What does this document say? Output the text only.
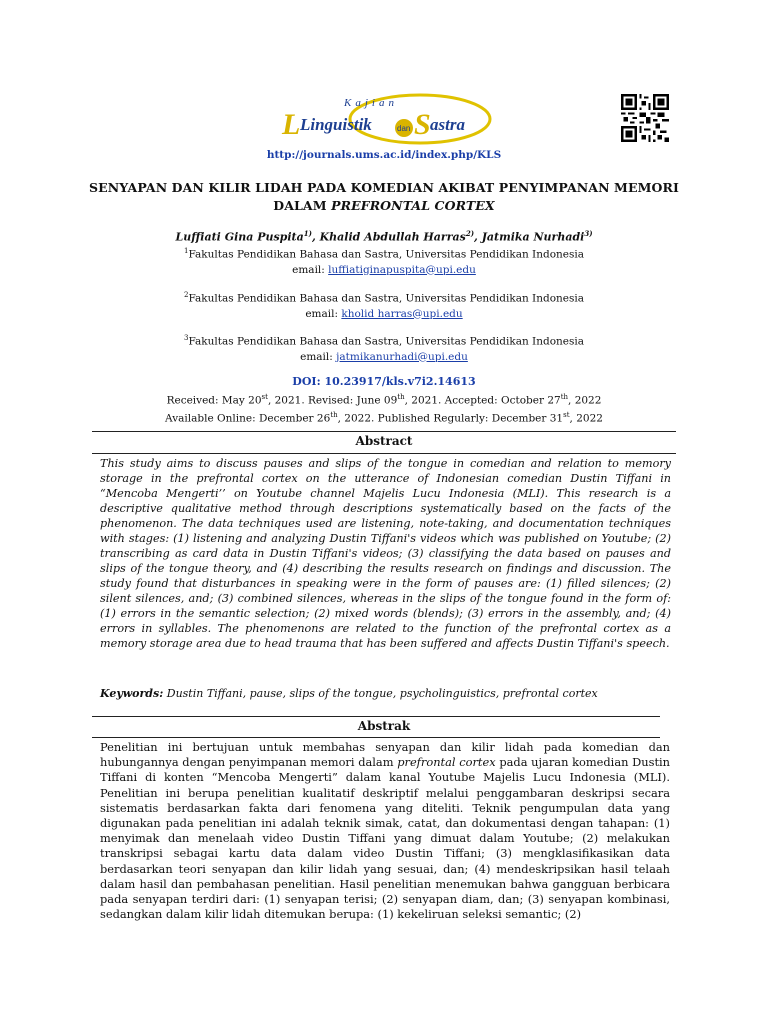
Kajian
L Linguistik	dan S astra
http://journals.ums.ac.id/index.php/KLS
SENYAPAN DAN KILIR LIDAH PADA KOMEDIAN AKIBAT PENYIMPANAN MEMORI
DALAM PREFRONTAL CORTEX
Luffiati Gina Puspita$^{1)}$, Khalid Abdullah Harras$^{2)}$, Jatmika Nurhadi$^{3)}$
$^1$Fakultas Pendidikan Bahasa dan Sastra, Universitas Pendidikan Indonesia
email: luffiatiginapuspita@upi.edu
$^2$Fakultas Pendidikan Bahasa dan Sastra, Universitas Pendidikan Indonesia
email: kholid harras@upi.edu
$^3$Fakultas Pendidikan Bahasa dan Sastra, Universitas Pendidikan Indonesia
email: jatmikanurhadi@upi.edu
DOI: 10.23917/kls.v7i2.14613
Received: May 20st, 2021. Revised: June 09th, 2021. Accepted: October 27th, 2022
Available Online: December 26th, 2022. Published Regularly: December 31st, 2022
Abstract
This study aims to discuss pauses and slips of the tongue in comedian and relation to memory storage in the prefrontal cortex on the utterance of Indonesian comedian Dustin Tiffani in “Mencoba Mengerti’’ on Youtube channel Majelis Lucu Indonesia (MLI). This research is a descriptive qualitative method through descriptions systematically based on the facts of the phenomenon. The data techniques used are listening, note-taking, and documentation techniques with stages: (1) listening and analyzing Dustin Tiffani's videos which was published on Youtube; (2) transcribing as card data in Dustin Tiffani's videos; (3) classifying the data based on pauses and slips of the tongue theory, and (4) describing the results research on findings and discussion. The study found that disturbances in speaking were in the form of pauses are: (1) filled silences; (2) silent silences, and; (3) combined silences, whereas in the slips of the tongue found in the form of: (1) errors in the semantic selection; (2) mixed words (blends); (3) errors in the assembly, and; (4) errors in syllables. The phenomenons are related to the function of the prefrontal cortex as a memory storage area due to head trauma that has been suffered and affects Dustin Tiffani's speech.
Keywords: Dustin Tiffani, pause, slips of the tongue, psycholinguistics, prefrontal cortex
Abstrak
Penelitian ini bertujuan untuk membahas senyapan dan kilir lidah pada komedian dan hubungannya dengan penyimpanan memori dalam prefrontal cortex pada ujaran komedian Dustin Tiffani di konten “Mencoba Mengerti” dalam kanal Youtube Majelis Lucu Indonesia (MLI). Penelitian ini berupa penelitian kualitatif deskriptif melalui penggambaran deskripsi secara sistematis berdasarkan fakta dari fenomena yang diteliti. Teknik pengumpulan data yang digunakan pada penelitian ini adalah teknik simak, catat, dan dokumentasi dengan tahapan: (1) menyimak dan menelaah video Dustin Tiffani yang dimuat dalam Youtube; (2) melakukan transkripsi sebagai kartu data dalam video Dustin Tiffani; (3) mengklasifikasikan data berdasarkan teori senyapan dan kilir lidah yang sesuai, dan; (4) mendeskripsikan hasil telaah dalam hasil dan pembahasan penelitian. Hasil penelitian menemukan bahwa gangguan berbicara pada senyapan terdiri dari: (1) senyapan terisi; (2) senyapan diam, dan; (3) senyapan kombinasi, sedangkan dalam kilir lidah ditemukan berupa: (1) kekeliruan seleksi semantic; (2)
